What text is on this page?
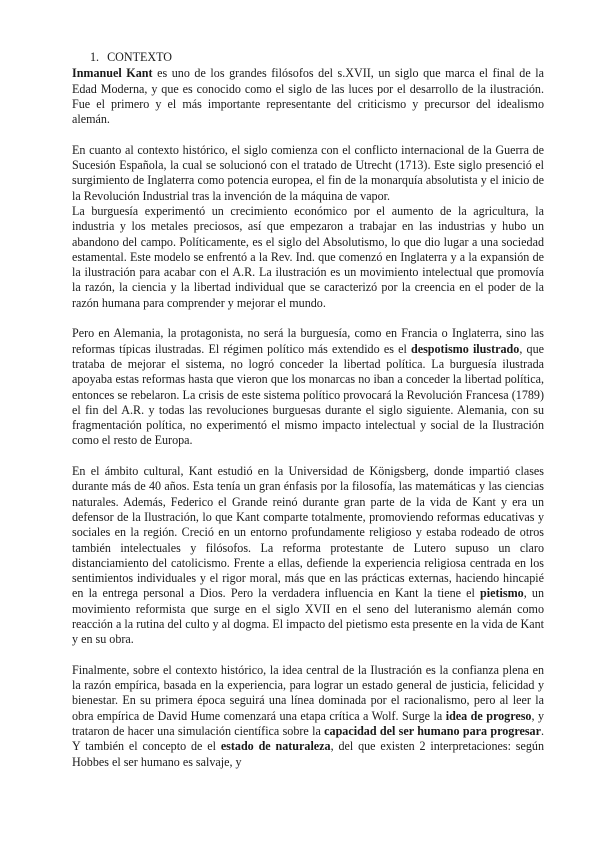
1. CONTEXTO

Inmanuel Kant es uno de los grandes filósofos del s.XVII, un siglo que marca el final de la Edad Moderna, y que es conocido como el siglo de las luces por el desarrollo de la ilustración. Fue el primero y el más importante representante del criticismo y precursor del idealismo alemán.

En cuanto al contexto histórico, el siglo comienza con el conflicto internacional de la Guerra de Sucesión Española, la cual se solucionó con el tratado de Utrecht (1713). Este siglo presenció el surgimiento de Inglaterra como potencia europea, el fin de la monarquía absolutista y el inicio de la Revolución Industrial tras la invención de la máquina de vapor.

La burguesía experimentó un crecimiento económico por el aumento de la agricultura, la industria y los metales preciosos, así que empezaron a trabajar en las industrias y hubo un abandono del campo. Políticamente, es el siglo del Absolutismo, lo que dio lugar a una sociedad estamental. Este modelo se enfrentó a la Rev. Ind. que comenzó en Inglaterra y a la expansión de la ilustración para acabar con el A.R. La ilustración es un movimiento intelectual que promovía la razón, la ciencia y la libertad individual que se caracterizó por la creencia en el poder de la razón humana para comprender y mejorar el mundo.

Pero en Alemania, la protagonista, no será la burguesía, como en Francia o Inglaterra, sino las reformas típicas ilustradas. El régimen político más extendido es el despotismo ilustrado, que trataba de mejorar el sistema, no logró conceder la libertad política. La burguesía ilustrada apoyaba estas reformas hasta que vieron que los monarcas no iban a conceder la libertad política, entonces se rebelaron. La crisis de este sistema político provocará la Revolución Francesa (1789) el fin del A.R. y todas las revoluciones burguesas durante el siglo siguiente. Alemania, con su fragmentación política, no experimentó el mismo impacto intelectual y social de la Ilustración como el resto de Europa.

En el ámbito cultural, Kant estudió en la Universidad de Königsberg, donde impartió clases durante más de 40 años. Esta tenía un gran énfasis por la filosofía, las matemáticas y las ciencias naturales. Además, Federico el Grande reinó durante gran parte de la vida de Kant y era un defensor de la Ilustración, lo que Kant comparte totalmente, promoviendo reformas educativas y sociales en la región. Creció en un entorno profundamente religioso y estaba rodeado de otros también intelectuales y filósofos. La reforma protestante de Lutero supuso un claro distanciamiento del catolicismo. Frente a ellas, defiende la experiencia religiosa centrada en los sentimientos individuales y el rigor moral, más que en las prácticas externas, haciendo hincapié en la entrega personal a Dios. Pero la verdadera influencia en Kant la tiene el pietismo, un movimiento reformista que surge en el siglo XVII en el seno del luteranismo alemán como reacción a la rutina del culto y al dogma. El impacto del pietismo esta presente en la vida de Kant y en su obra.

Finalmente, sobre el contexto histórico, la idea central de la Ilustración es la confianza plena en la razón empírica, basada en la experiencia, para lograr un estado general de justicia, felicidad y bienestar. En su primera época seguirá una línea dominada por el racionalismo, pero al leer la obra empírica de David Hume comenzará una etapa crítica a Wolf. Surge la idea de progreso, y trataron de hacer una simulación científica sobre la capacidad del ser humano para progresar. Y también el concepto de el estado de naturaleza, del que existen 2 interpretaciones: según Hobbes el ser humano es salvaje, y
